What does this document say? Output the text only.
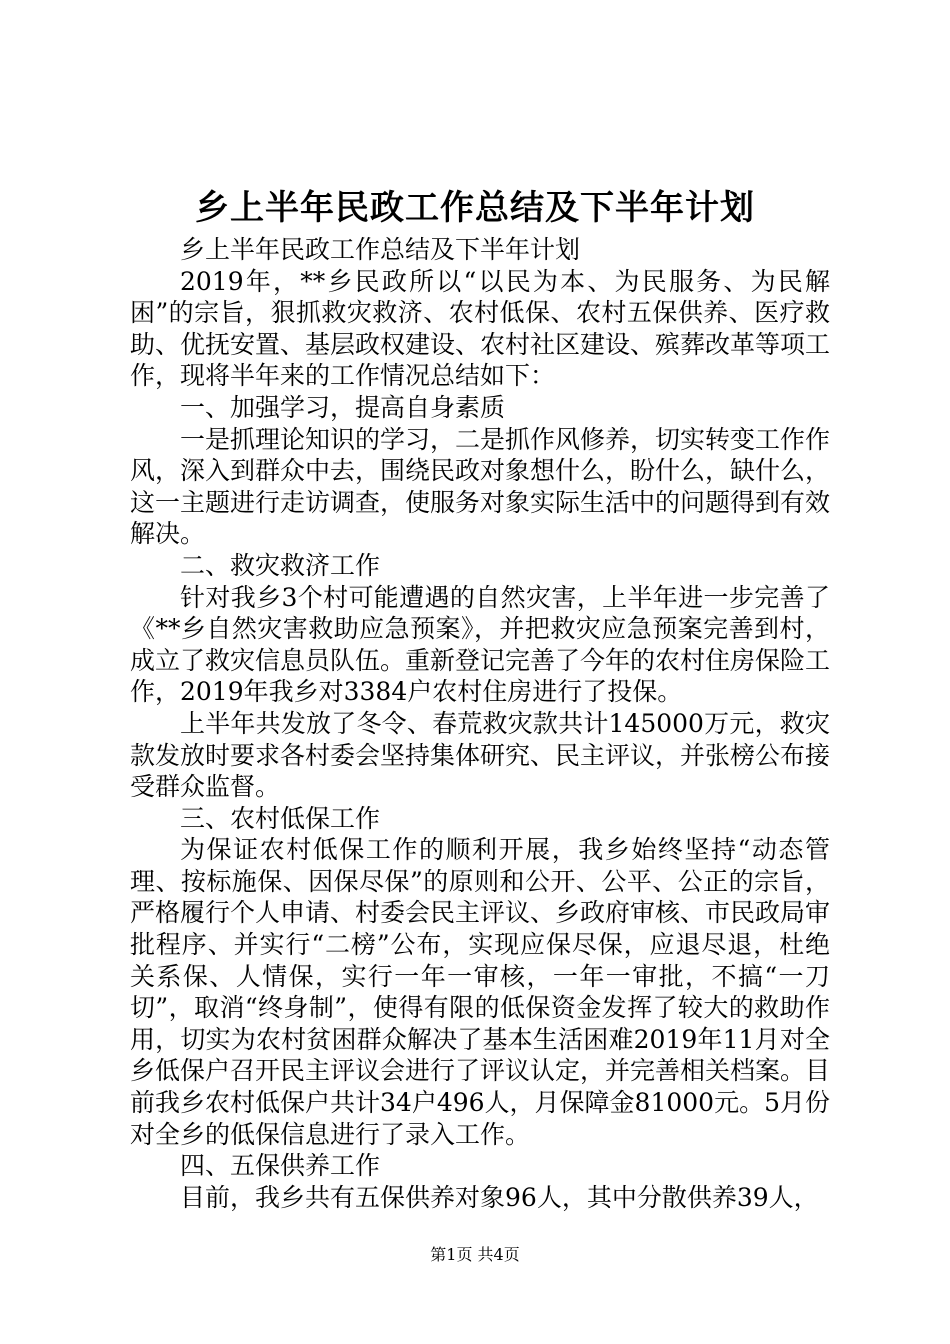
乡上半年民政工作总结及下半年计划

乡上半年民政工作总结及下半年计划

2019年，**乡民政所以“以民为本、为民服务、为民解困”的宗旨，狠抓救灾救济、农村低保、农村五保供养、医疗救助、优抚安置、基层政权建设、农村社区建设、殡葬改革等项工作，现将半年来的工作情况总结如下：

一、加强学习，提高自身素质

一是抓理论知识的学习，二是抓作风修养，切实转变工作作风，深入到群众中去，围绕民政对象想什么，盼什么，缺什么，这一主题进行走访调查，使服务对象实际生活中的问题得到有效解决。

二、救灾救济工作

针对我乡3个村可能遭遇的自然灾害，上半年进一步完善了《**乡自然灾害救助应急预案》，并把救灾应急预案完善到村，成立了救灾信息员队伍。重新登记完善了今年的农村住房保险工作，2019年我乡对3384户农村住房进行了投保。

上半年共发放了冬令、春荒救灾款共计145000万元，救灾款发放时要求各村委会坚持集体研究、民主评议，并张榜公布接受群众监督。

三、农村低保工作

为保证农村低保工作的顺利开展，我乡始终坚持“动态管理、按标施保、因保尽保”的原则和公开、公平、公正的宗旨，严格履行个人申请、村委会民主评议、乡政府审核、市民政局审批程序、并实行“二榜”公布，实现应保尽保，应退尽退，杜绝关系保、人情保，实行一年一审核，一年一审批，不搞“一刀切”，取消“终身制”，使得有限的低保资金发挥了较大的救助作用，切实为农村贫困群众解决了基本生活困难2019年11月对全乡低保户召开民主评议会进行了评议认定，并完善相关档案。目前我乡农村低保户共计34户496人，月保障金81000元。5月份对全乡的低保信息进行了录入工作。

四、五保供养工作

目前，我乡共有五保供养对象96人，其中分散供养39人，

第1页 共4页
